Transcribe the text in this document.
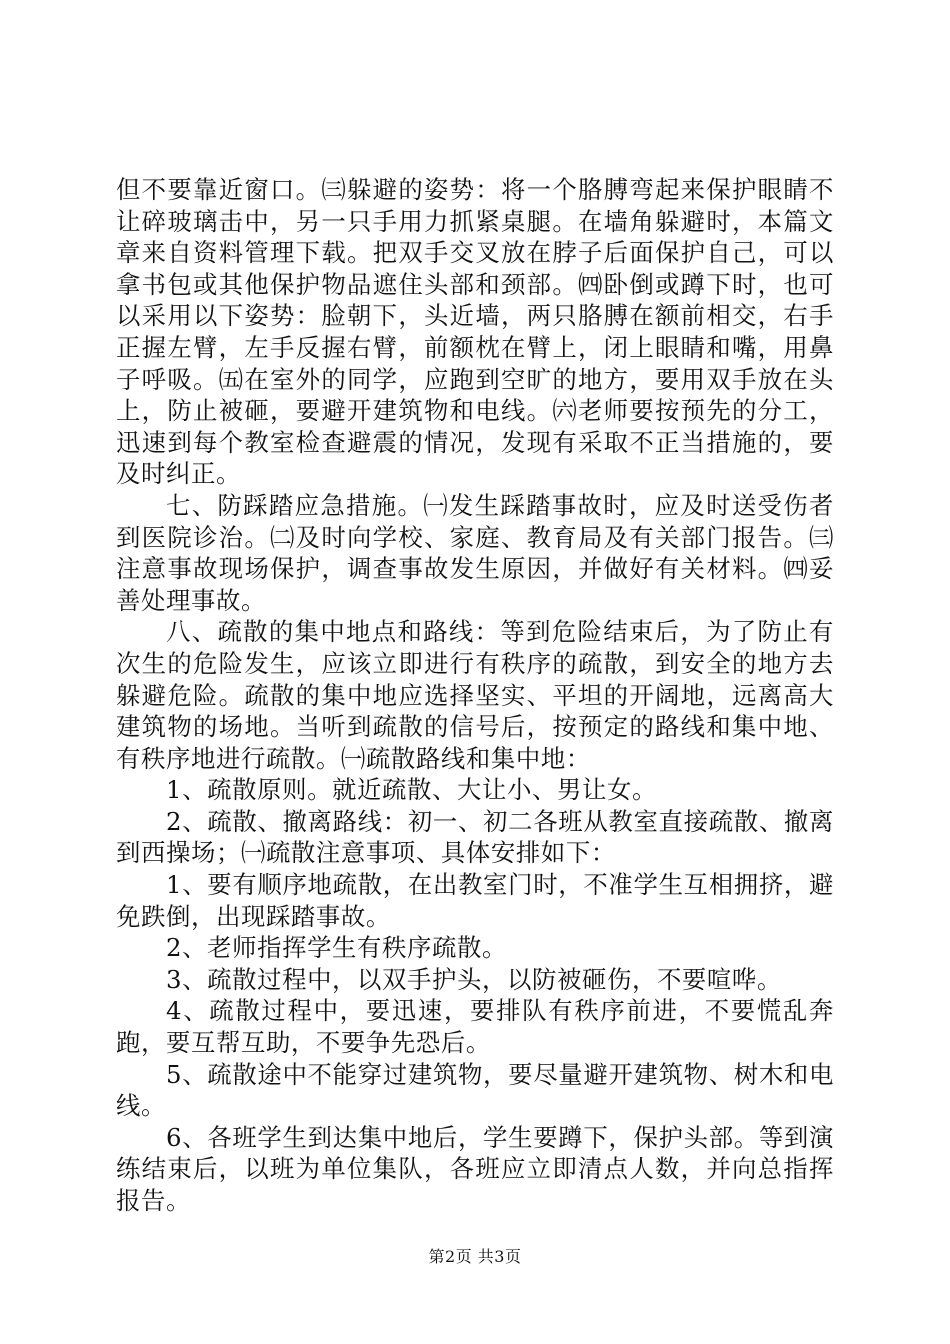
但不要靠近窗口。㈢躲避的姿势：将一个胳膊弯起来保护眼睛不让碎玻璃击中，另一只手用力抓紧桌腿。在墙角躲避时，本篇文章来自资料管理下载。把双手交叉放在脖子后面保护自己，可以拿书包或其他保护物品遮住头部和颈部。㈣卧倒或蹲下时，也可以采用以下姿势：脸朝下，头近墙，两只胳膊在额前相交，右手正握左臂，左手反握右臂，前额枕在臂上，闭上眼睛和嘴，用鼻子呼吸。㈤在室外的同学，应跑到空旷的地方，要用双手放在头上，防止被砸，要避开建筑物和电线。㈥老师要按预先的分工，迅速到每个教室检查避震的情况，发现有采取不正当措施的，要及时纠正。

七、防踩踏应急措施。㈠发生踩踏事故时，应及时送受伤者到医院诊治。㈡及时向学校、家庭、教育局及有关部门报告。㈢注意事故现场保护，调查事故发生原因，并做好有关材料。㈣妥善处理事故。

八、疏散的集中地点和路线：等到危险结束后，为了防止有次生的危险发生，应该立即进行有秩序的疏散，到安全的地方去躲避危险。疏散的集中地应选择坚实、平坦的开阔地，远离高大建筑物的场地。当听到疏散的信号后，按预定的路线和集中地、有秩序地进行疏散。㈠疏散路线和集中地：

1、疏散原则。就近疏散、大让小、男让女。

2、疏散、撤离路线：初一、初二各班从教室直接疏散、撤离到西操场；㈠疏散注意事项、具体安排如下：

1、要有顺序地疏散，在出教室门时，不准学生互相拥挤，避免跌倒，出现踩踏事故。

2、老师指挥学生有秩序疏散。

3、疏散过程中，以双手护头，以防被砸伤，不要喧哗。

4、疏散过程中，要迅速，要排队有秩序前进，不要慌乱奔跑，要互帮互助，不要争先恐后。

5、疏散途中不能穿过建筑物，要尽量避开建筑物、树木和电线。

6、各班学生到达集中地后，学生要蹲下，保护头部。等到演练结束后，以班为单位集队，各班应立即清点人数，并向总指挥报告。

第2页 共3页
